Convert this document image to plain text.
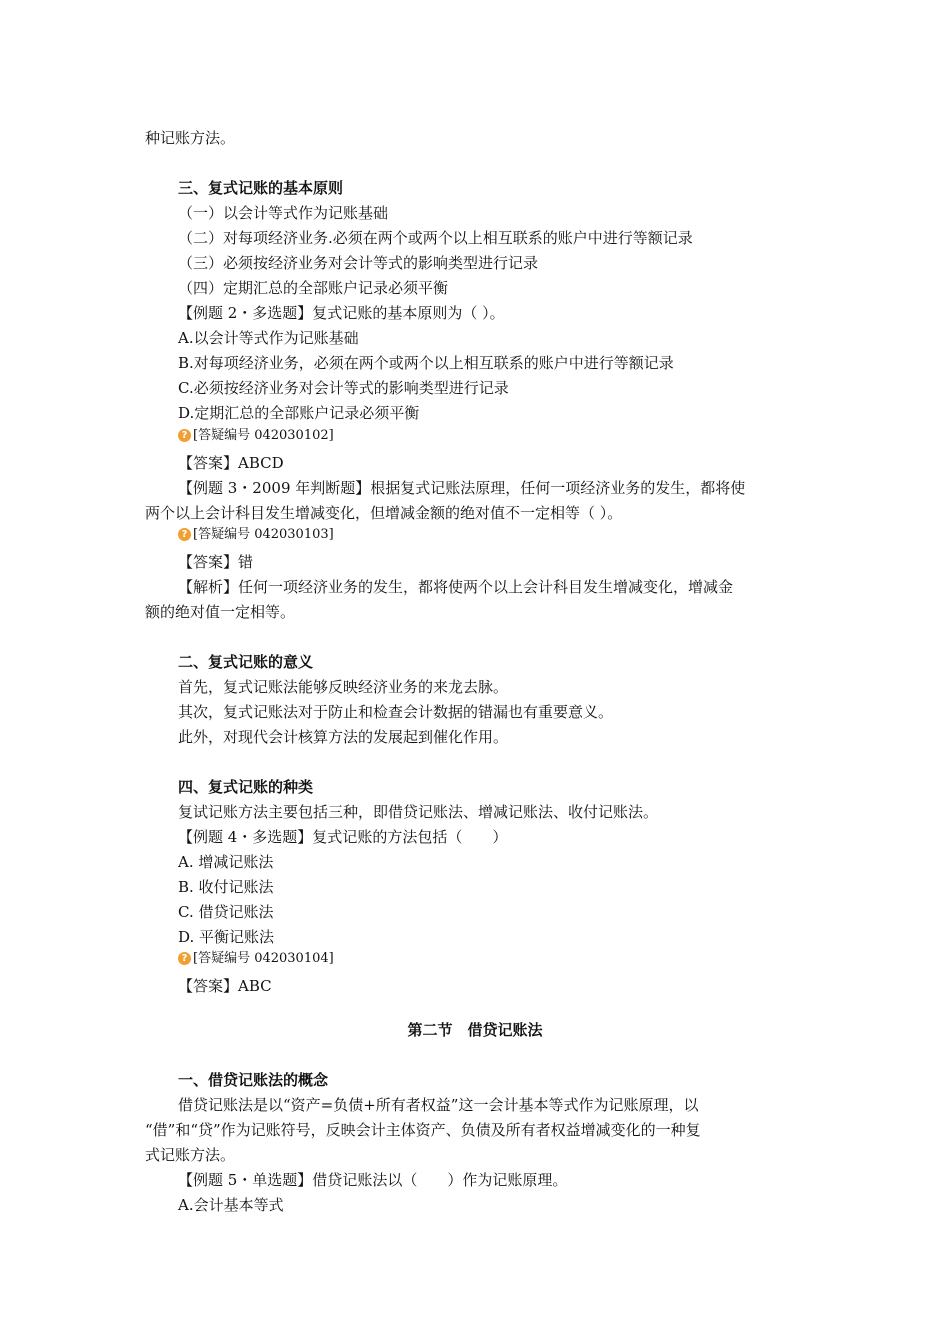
种记账方法。
三、复式记账的基本原则
（一）以会计等式作为记账基础
（二）对每项经济业务.必须在两个或两个以上相互联系的账户中进行等额记录
（三）必须按经济业务对会计等式的影响类型进行记录
（四）定期汇总的全部账户记录必须平衡
【例题 2・多选题】复式记账的基本原则为（ ）。
A.以会计等式作为记账基础
B.对每项经济业务，必须在两个或两个以上相互联系的账户中进行等额记录
C.必须按经济业务对会计等式的影响类型进行记录
D.定期汇总的全部账户记录必须平衡
? [答疑编号 042030102]
【答案】ABCD
【例题 3・2009 年判断题】根据复式记账法原理，任何一项经济业务的发生，都将使
两个以上会计科目发生增减变化，但增减金额的绝对值不一定相等（ ）。
? [答疑编号 042030103]
【答案】错
【解析】任何一项经济业务的发生，都将使两个以上会计科目发生增减变化，增减金
额的绝对值一定相等。
二、复式记账的意义
首先，复式记账法能够反映经济业务的来龙去脉。
其次，复式记账法对于防止和检查会计数据的错漏也有重要意义。
此外，对现代会计核算方法的发展起到催化作用。
四、复式记账的种类
复试记账方法主要包括三种，即借贷记账法、增减记账法、收付记账法。
【例题 4・多选题】复式记账的方法包括（　　）
A. 增减记账法
B. 收付记账法
C. 借贷记账法
D. 平衡记账法
? [答疑编号 042030104]
【答案】ABC
第二节　借贷记账法
一、借贷记账法的概念
借贷记账法是以“资产=负债+所有者权益”这一会计基本等式作为记账原理，以
“借”和“贷”作为记账符号，反映会计主体资产、负债及所有者权益增减变化的一种复
式记账方法。
【例题 5・单选题】借贷记账法以（　　）作为记账原理。
A.会计基本等式
